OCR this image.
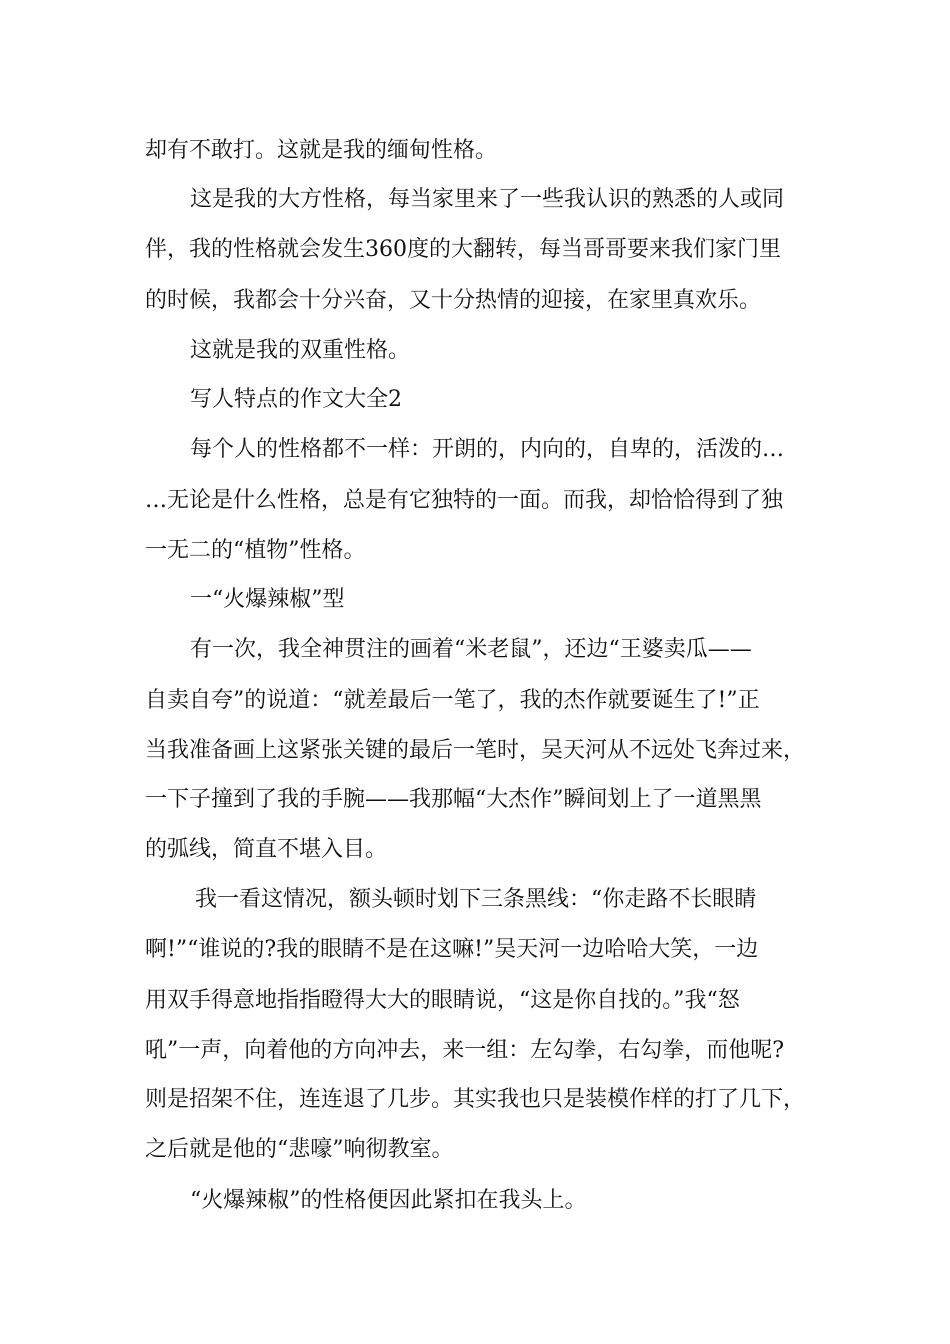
却有不敢打。这就是我的缅甸性格。
这是我的大方性格，每当家里来了一些我认识的熟悉的人或同
伴，我的性格就会发生360度的大翻转，每当哥哥要来我们家门里
的时候，我都会十分兴奋，又十分热情的迎接，在家里真欢乐。
这就是我的双重性格。
写人特点的作文大全2
每个人的性格都不一样：开朗的，内向的，自卑的，活泼的…
…无论是什么性格，总是有它独特的一面。而我，却恰恰得到了独
一无二的“植物”性格。
一“火爆辣椒”型
有一次，我全神贯注的画着“米老鼠”，还边“王婆卖瓜——
自卖自夸”的说道：“就差最后一笔了，我的杰作就要诞生了!”正
当我准备画上这紧张关键的最后一笔时，吴天河从不远处飞奔过来，
一下子撞到了我的手腕——我那幅“大杰作”瞬间划上了一道黑黑
的弧线，简直不堪入目。
我一看这情况，额头顿时划下三条黑线：“你走路不长眼睛
啊!”“谁说的?我的眼睛不是在这嘛!”吴天河一边哈哈大笑，一边
用双手得意地指指瞪得大大的眼睛说，“这是你自找的。”我“怒
吼”一声，向着他的方向冲去，来一组：左勾拳，右勾拳，而他呢?
则是招架不住，连连退了几步。其实我也只是装模作样的打了几下，
之后就是他的“悲嚎”响彻教室。
“火爆辣椒”的性格便因此紧扣在我头上。
